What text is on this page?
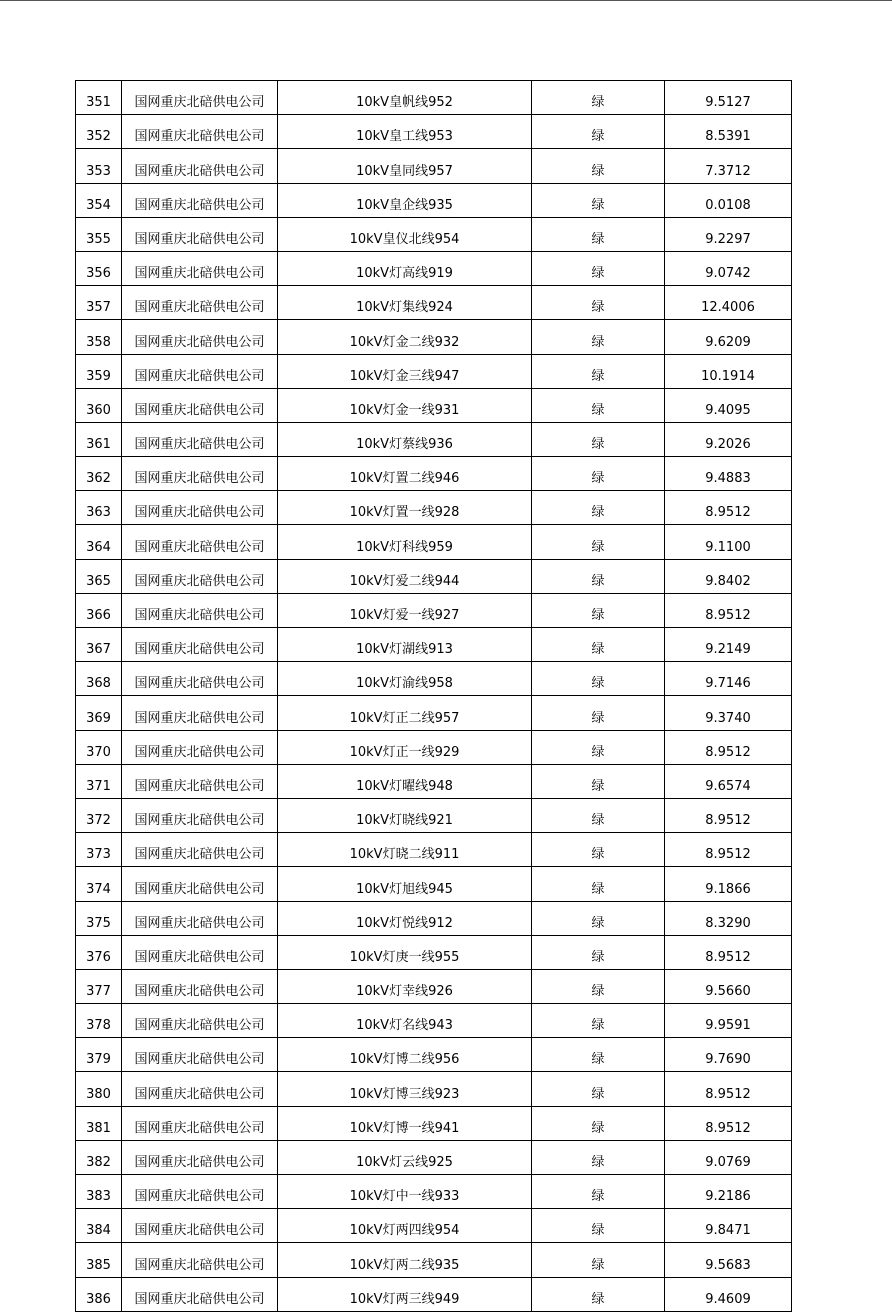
351	国网重庆北碚供电公司	10kV皇帆线952	绿	9.5127
352	国网重庆北碚供电公司	10kV皇工线953	绿	8.5391
353	国网重庆北碚供电公司	10kV皇同线957	绿	7.3712
354	国网重庆北碚供电公司	10kV皇企线935	绿	0.0108
355	国网重庆北碚供电公司	10kV皇仪北线954	绿	9.2297
356	国网重庆北碚供电公司	10kV灯高线919	绿	9.0742
357	国网重庆北碚供电公司	10kV灯集线924	绿	12.4006
358	国网重庆北碚供电公司	10kV灯金二线932	绿	9.6209
359	国网重庆北碚供电公司	10kV灯金三线947	绿	10.1914
360	国网重庆北碚供电公司	10kV灯金一线931	绿	9.4095
361	国网重庆北碚供电公司	10kV灯蔡线936	绿	9.2026
362	国网重庆北碚供电公司	10kV灯置二线946	绿	9.4883
363	国网重庆北碚供电公司	10kV灯置一线928	绿	8.9512
364	国网重庆北碚供电公司	10kV灯科线959	绿	9.1100
365	国网重庆北碚供电公司	10kV灯爱二线944	绿	9.8402
366	国网重庆北碚供电公司	10kV灯爱一线927	绿	8.9512
367	国网重庆北碚供电公司	10kV灯湖线913	绿	9.2149
368	国网重庆北碚供电公司	10kV灯渝线958	绿	9.7146
369	国网重庆北碚供电公司	10kV灯正二线957	绿	9.3740
370	国网重庆北碚供电公司	10kV灯正一线929	绿	8.9512
371	国网重庆北碚供电公司	10kV灯曜线948	绿	9.6574
372	国网重庆北碚供电公司	10kV灯晓线921	绿	8.9512
373	国网重庆北碚供电公司	10kV灯晓二线911	绿	8.9512
374	国网重庆北碚供电公司	10kV灯旭线945	绿	9.1866
375	国网重庆北碚供电公司	10kV灯悦线912	绿	8.3290
376	国网重庆北碚供电公司	10kV灯庚一线955	绿	8.9512
377	国网重庆北碚供电公司	10kV灯幸线926	绿	9.5660
378	国网重庆北碚供电公司	10kV灯名线943	绿	9.9591
379	国网重庆北碚供电公司	10kV灯博二线956	绿	9.7690
380	国网重庆北碚供电公司	10kV灯博三线923	绿	8.9512
381	国网重庆北碚供电公司	10kV灯博一线941	绿	8.9512
382	国网重庆北碚供电公司	10kV灯云线925	绿	9.0769
383	国网重庆北碚供电公司	10kV灯中一线933	绿	9.2186
384	国网重庆北碚供电公司	10kV灯两四线954	绿	9.8471
385	国网重庆北碚供电公司	10kV灯两二线935	绿	9.5683
386	国网重庆北碚供电公司	10kV灯两三线949	绿	9.4609
